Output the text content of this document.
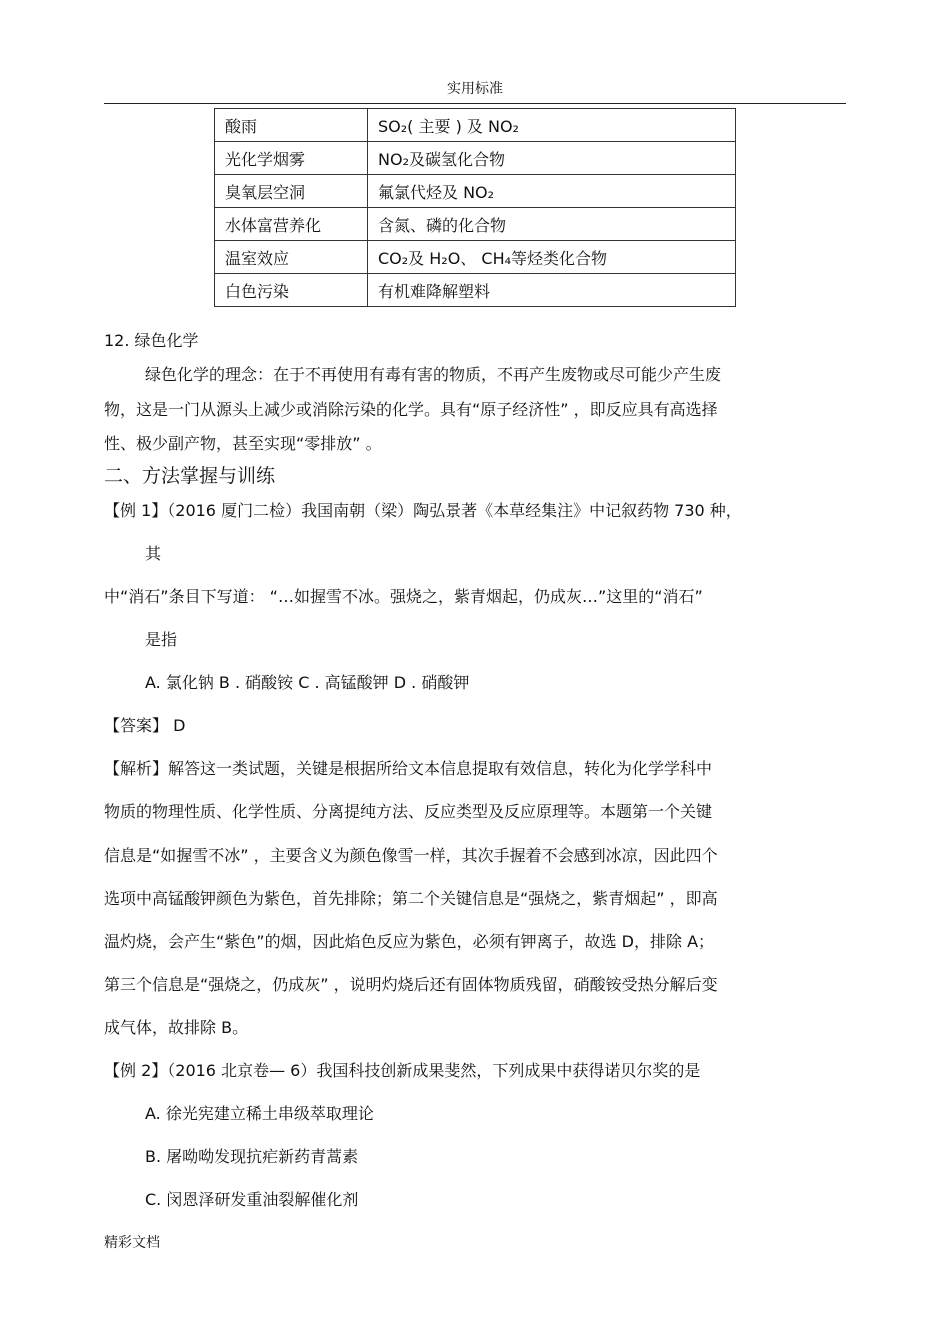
实用标准
酸雨	SO₂( 主要 ) 及 NO₂
光化学烟雾	NO₂及碳氢化合物
臭氧层空洞	氟氯代烃及 NO₂
水体富营养化	含氮、磷的化合物
温室效应	CO₂及 H₂O、 CH₄等烃类化合物
白色污染	有机难降解塑料
12. 绿色化学
绿色化学的理念：在于不再使用有毒有害的物质，不再产生废物或尽可能少产生废
物，这是一门从源头上减少或消除污染的化学。具有“原子经济性” ，即反应具有高选择
性、极少副产物，甚至实现“零排放” 。
二、方法掌握与训练
【例 1】（2016 厦门二检）我国南朝（梁）陶弘景著《本草经集注》中记叙药物 730 种，
其
中“消石”条目下写道： “…如握雪不冰。强烧之，紫青烟起，仍成灰…”这里的“消石”
是指
A. 氯化钠 B . 硝酸铵 C . 高锰酸钾 D . 硝酸钾
【答案】 D
【解析】解答这一类试题，关键是根据所给文本信息提取有效信息，转化为化学学科中
物质的物理性质、化学性质、分离提纯方法、反应类型及反应原理等。本题第一个关键
信息是“如握雪不冰” ，主要含义为颜色像雪一样，其次手握着不会感到冰凉，因此四个
选项中高锰酸钾颜色为紫色，首先排除；第二个关键信息是“强烧之，紫青烟起” ，即高
温灼烧，会产生“紫色”的烟，因此焰色反应为紫色，必须有钾离子，故选 D，排除 A；
第三个信息是“强烧之，仍成灰” ，说明灼烧后还有固体物质残留，硝酸铵受热分解后变
成气体，故排除 B。
【例 2】（2016 北京卷— 6）我国科技创新成果斐然，下列成果中获得诺贝尔奖的是
A. 徐光宪建立稀土串级萃取理论
B. 屠呦呦发现抗疟新药青蒿素
C. 闵恩泽研发重油裂解催化剂
精彩文档
